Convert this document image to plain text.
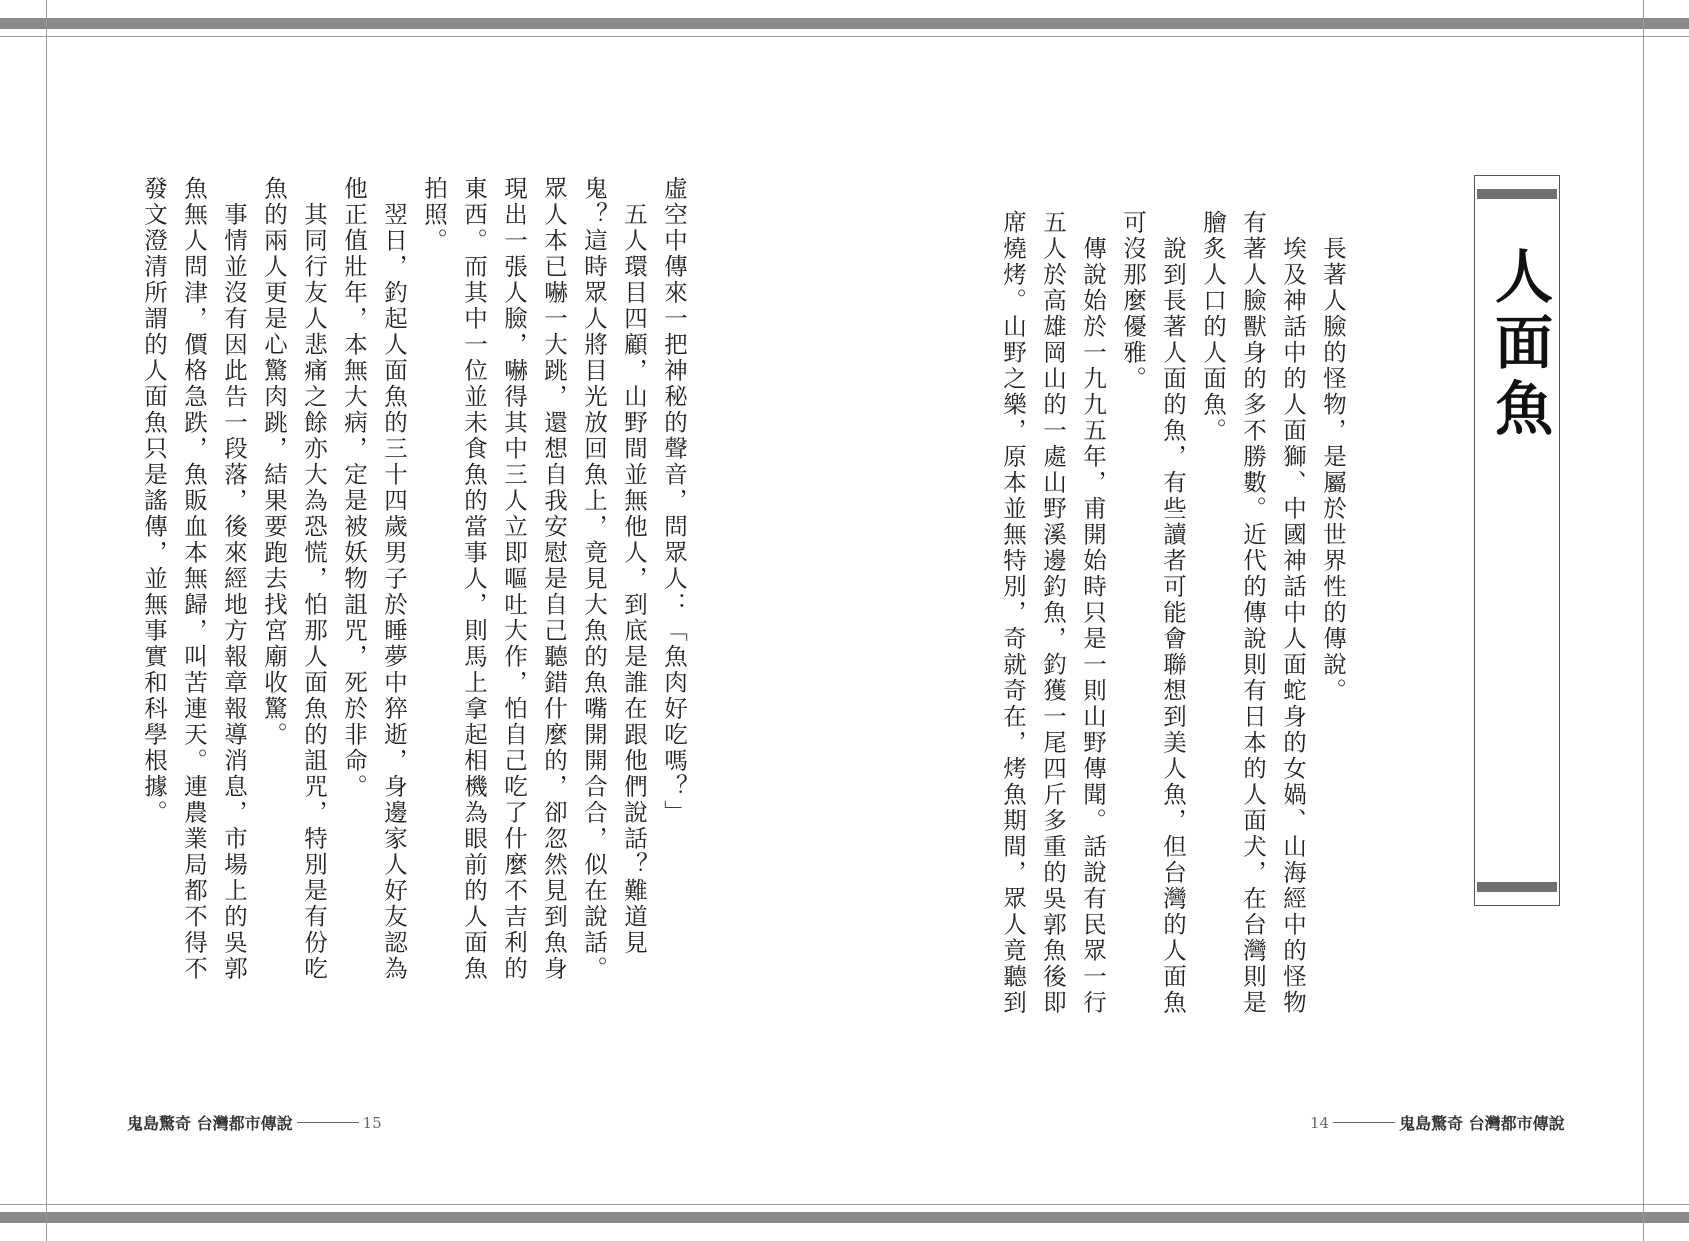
虛空中傳來一把神秘的聲音，問眾人：「魚肉好吃嗎？」

　五人環目四顧，山野間並無他人，到底是誰在跟他們說話？難道見

鬼？這時眾人將目光放回魚上，竟見大魚的魚嘴開開合合，似在說話。

眾人本已嚇一大跳，還想自我安慰是自己聽錯什麼的，卻忽然見到魚身

現出一張人臉，嚇得其中三人立即嘔吐大作，怕自己吃了什麼不吉利的

東西。而其中一位並未食魚的當事人，則馬上拿起相機為眼前的人面魚

拍照。

　翌日，釣起人面魚的三十四歲男子於睡夢中猝逝，身邊家人好友認為

他正值壯年，本無大病，定是被妖物詛咒，死於非命。

　其同行友人悲痛之餘亦大為恐慌，怕那人面魚的詛咒，特別是有份吃

魚的兩人更是心驚肉跳，結果要跑去找宮廟收驚。

　事情並沒有因此告一段落，後來經地方報章報導消息，市場上的吳郭

魚無人問津，價格急跌，魚販血本無歸，叫苦連天。連農業局都不得不

發文澄清所謂的人面魚只是謠傳，並無事實和科學根據。

鬼島驚奇 台灣都市傳說	15
人面魚

　長著人臉的怪物，是屬於世界性的傳說。

　埃及神話中的人面獅、中國神話中人面蛇身的女媧、山海經中的怪物

有著人臉獸身的多不勝數。近代的傳說則有日本的人面犬，在台灣則是

膾炙人口的人面魚。

　說到長著人面的魚，有些讀者可能會聯想到美人魚，但台灣的人面魚

可沒那麼優雅。

　傳說始於一九九五年，甫開始時只是一則山野傳聞。話說有民眾一行

五人於高雄岡山的一處山野溪邊釣魚，釣獲一尾四斤多重的吳郭魚後即

席燒烤。山野之樂，原本並無特別，奇就奇在，烤魚期間，眾人竟聽到

14	鬼島驚奇 台灣都市傳說
